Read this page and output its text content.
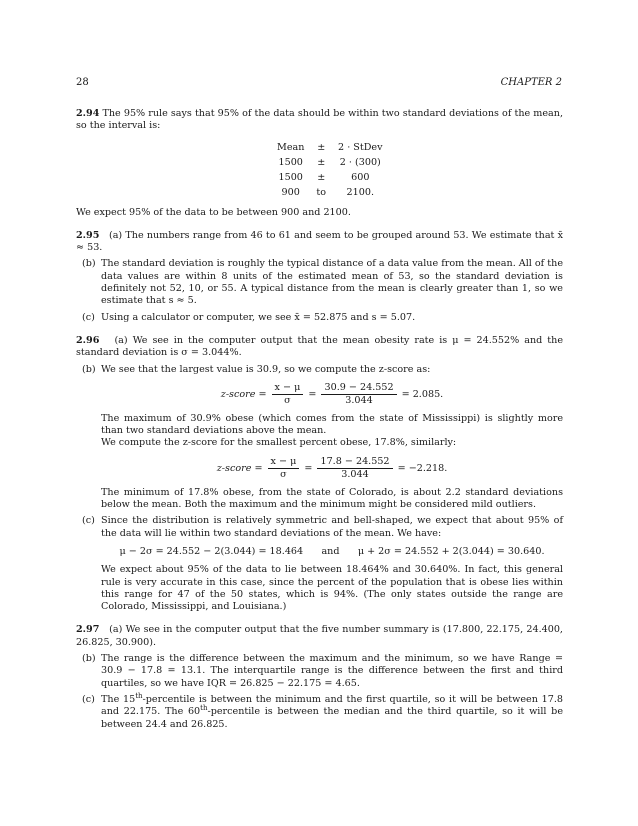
28	CHAPTER 2

2.94 The 95% rule says that 95% of the data should be within two standard deviations of the mean, so the interval is:

Mean	±	2 · StDev
1500	±	2 · (300)
1500	±	600
900	to	2100.

We expect 95% of the data to be between 900 and 2100.

2.95 (a) The numbers range from 46 to 61 and seem to be grouped around 53. We estimate that x̄ ≈ 53.

(b) The standard deviation is roughly the typical distance of a data value from the mean. All of the data values are within 8 units of the estimated mean of 53, so the standard deviation is definitely not 52, 10, or 55. A typical distance from the mean is clearly greater than 1, so we estimate that s ≈ 5.
(c) Using a calculator or computer, we see x̄ = 52.875 and s = 5.07.

2.96 (a) We see in the computer output that the mean obesity rate is μ = 24.552% and the standard deviation is σ = 3.044%.

(b) We see that the largest value is 30.9, so we compute the z-score as:
z-score = $\frac{x - \mu}{\sigma} = \frac{30.9 - 24.552}{3.044} = 2.085$.
The maximum of 30.9% obese (which comes from the state of Mississippi) is slightly more than two standard deviations above the mean.
We compute the z-score for the smallest percent obese, 17.8%, similarly:
z-score = $\frac{x - \mu}{\sigma} = \frac{17.8 - 24.552}{3.044} = -2.218$.
The minimum of 17.8% obese, from the state of Colorado, is about 2.2 standard deviations below the mean. Both the maximum and the minimum might be considered mild outliers.
(c) Since the distribution is relatively symmetric and bell-shaped, we expect that about 95% of the data will lie within two standard deviations of the mean. We have:
μ − 2σ = 24.552 − 2(3.044) = 18.464 and μ + 2σ = 24.552 + 2(3.044) = 30.640.
We expect about 95% of the data to lie between 18.464% and 30.640%. In fact, this general rule is very accurate in this case, since the percent of the population that is obese lies within this range for 47 of the 50 states, which is 94%. (The only states outside the range are Colorado, Mississippi, and Louisiana.)

2.97 (a) We see in the computer output that the five number summary is (17.800, 22.175, 24.400, 26.825, 30.900).

(b) The range is the difference between the maximum and the minimum, so we have Range = 30.9 − 17.8 = 13.1. The interquartile range is the difference between the first and third quartiles, so we have IQR = 26.825 − 22.175 = 4.65.
(c) The 15th-percentile is between the minimum and the first quartile, so it will be between 17.8 and 22.175. The 60th-percentile is between the median and the third quartile, so it will be between 24.4 and 26.825.
